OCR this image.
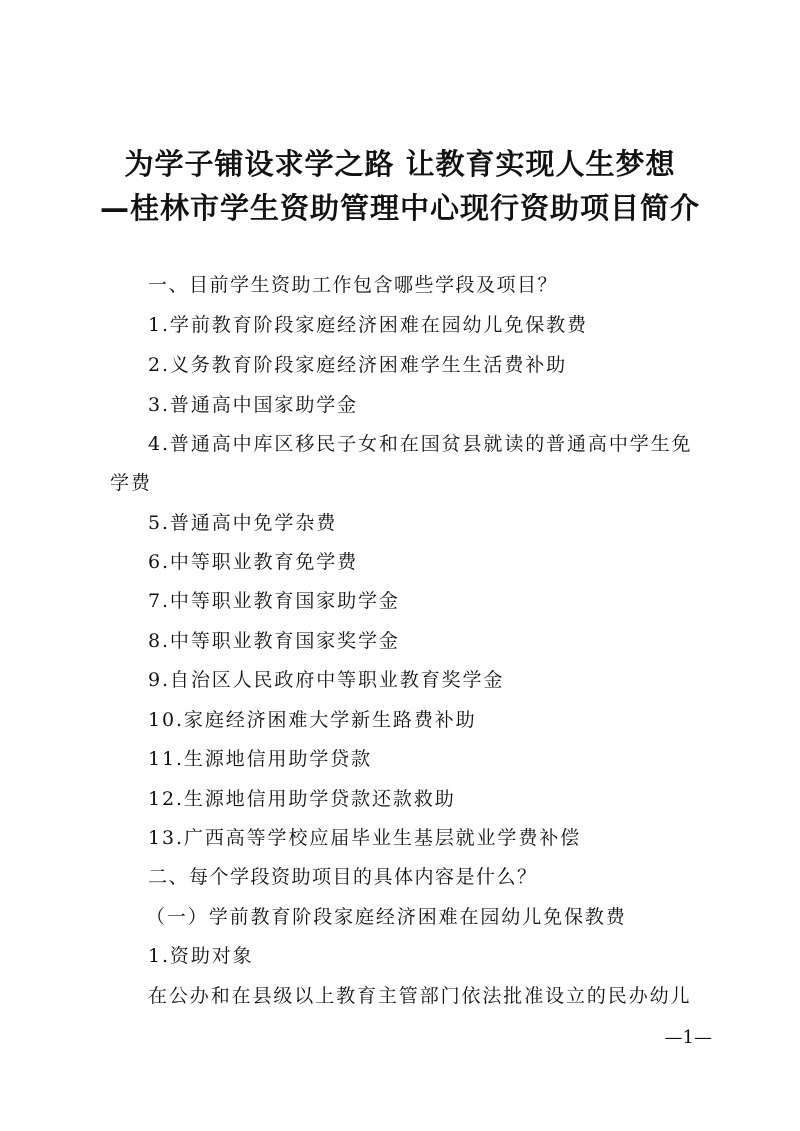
为学子铺设求学之路 让教育实现人生梦想
—桂林市学生资助管理中心现行资助项目简介
一、目前学生资助工作包含哪些学段及项目？
1.学前教育阶段家庭经济困难在园幼儿免保教费
2.义务教育阶段家庭经济困难学生生活费补助
3.普通高中国家助学金
4.普通高中库区移民子女和在国贫县就读的普通高中学生免
学费
5.普通高中免学杂费
6.中等职业教育免学费
7.中等职业教育国家助学金
8.中等职业教育国家奖学金
9.自治区人民政府中等职业教育奖学金
10.家庭经济困难大学新生路费补助
11.生源地信用助学贷款
12.生源地信用助学贷款还款救助
13.广西高等学校应届毕业生基层就业学费补偿
二、每个学段资助项目的具体内容是什么？
（一）学前教育阶段家庭经济困难在园幼儿免保教费
1.资助对象
在公办和在县级以上教育主管部门依法批准设立的民办幼儿
—1—
